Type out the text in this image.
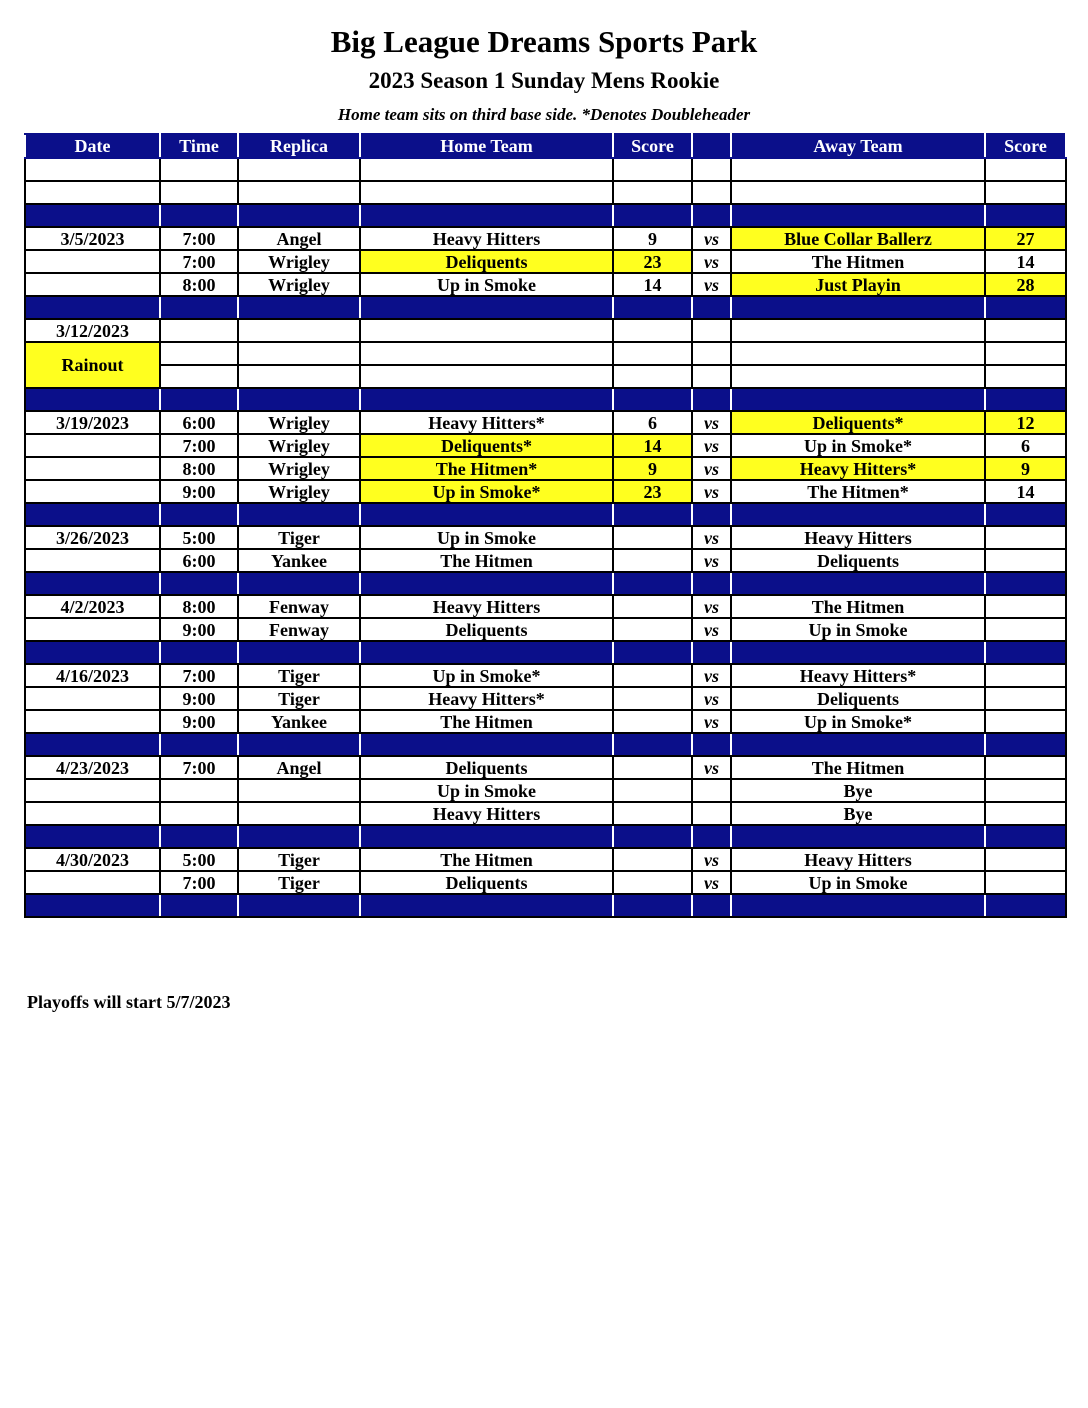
Big League Dreams Sports Park
2023 Season 1 Sunday Mens Rookie
Home team sits on third base side. *Denotes Doubleheader
Date	Time	Replica	Home Team	Score		Away Team	Score

3/5/2023	7:00	Angel	Heavy Hitters	9	vs	Blue Collar Ballerz	27
	7:00	Wrigley	Deliquents	23	vs	The Hitmen	14
	8:00	Wrigley	Up in Smoke	14	vs	Just Playin	28

3/12/2023							
Rainout							

3/19/2023	6:00	Wrigley	Heavy Hitters*	6	vs	Deliquents*	12
	7:00	Wrigley	Deliquents*	14	vs	Up in Smoke*	6
	8:00	Wrigley	The Hitmen*	9	vs	Heavy Hitters*	9
	9:00	Wrigley	Up in Smoke*	23	vs	The Hitmen*	14

3/26/2023	5:00	Tiger	Up in Smoke		vs	Heavy Hitters	
	6:00	Yankee	The Hitmen		vs	Deliquents	

4/2/2023	8:00	Fenway	Heavy Hitters		vs	The Hitmen	
	9:00	Fenway	Deliquents		vs	Up in Smoke	

4/16/2023	7:00	Tiger	Up in Smoke*		vs	Heavy Hitters*	
	9:00	Tiger	Heavy Hitters*		vs	Deliquents	
	9:00	Yankee	The Hitmen		vs	Up in Smoke*	

4/23/2023	7:00	Angel	Deliquents		vs	The Hitmen	
			Up in Smoke			Bye	
			Heavy Hitters			Bye	

4/30/2023	5:00	Tiger	The Hitmen		vs	Heavy Hitters	
	7:00	Tiger	Deliquents		vs	Up in Smoke	

Playoffs will start 5/7/2023
